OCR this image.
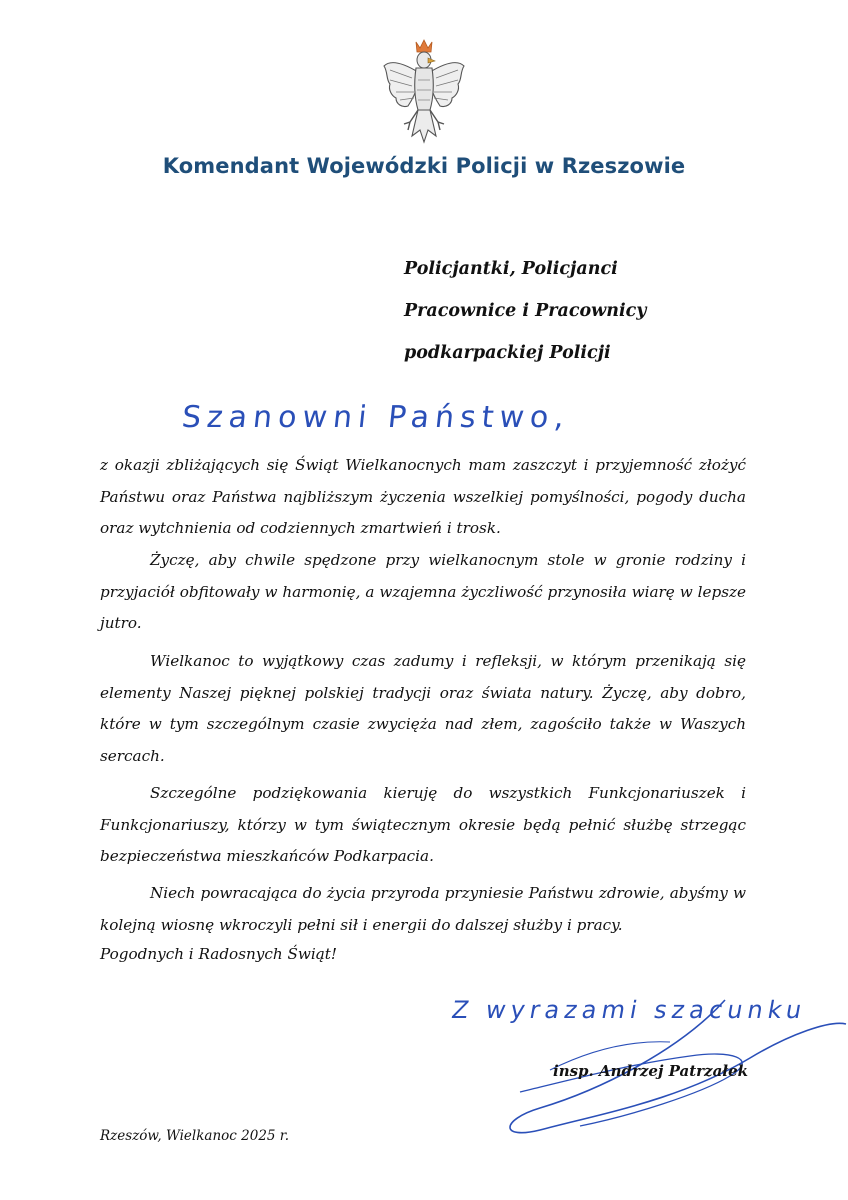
Komendant Wojewódzki Policji w Rzeszowie
Policjantki, Policjanci
Pracownice i Pracownicy
podkarpackiej Policji
Szanowni Państwo,
z okazji zbliżających się Świąt Wielkanocnych mam zaszczyt i przyjemność złożyć Państwu oraz Państwa najbliższym życzenia wszelkiej pomyślności, pogody ducha oraz wytchnienia od codziennych zmartwień i trosk.
Życzę, aby chwile spędzone przy wielkanocnym stole w gronie rodziny i przyjaciół obfitowały w harmonię, a wzajemna życzliwość przynosiła wiarę w lepsze jutro.
Wielkanoc to wyjątkowy czas zadumy i refleksji, w którym przenikają się elementy Naszej pięknej polskiej tradycji oraz świata natury. Życzę, aby dobro, które w tym szczególnym czasie zwycięża nad złem, zagościło także w Waszych sercach.
Szczególne podziękowania kieruję do wszystkich Funkcjonariuszek i Funkcjonariuszy, którzy w tym świątecznym okresie będą pełnić służbę strzegąc bezpieczeństwa mieszkańców Podkarpacia.
Niech powracająca do życia przyroda przyniesie Państwu zdrowie, abyśmy w kolejną wiosnę wkroczyli pełni sił i energii do dalszej służby i pracy.
Pogodnych i Radosnych Świąt!
Z wyrazami szacunku
insp. Andrzej Patrzałek
Rzeszów, Wielkanoc 2025 r.
